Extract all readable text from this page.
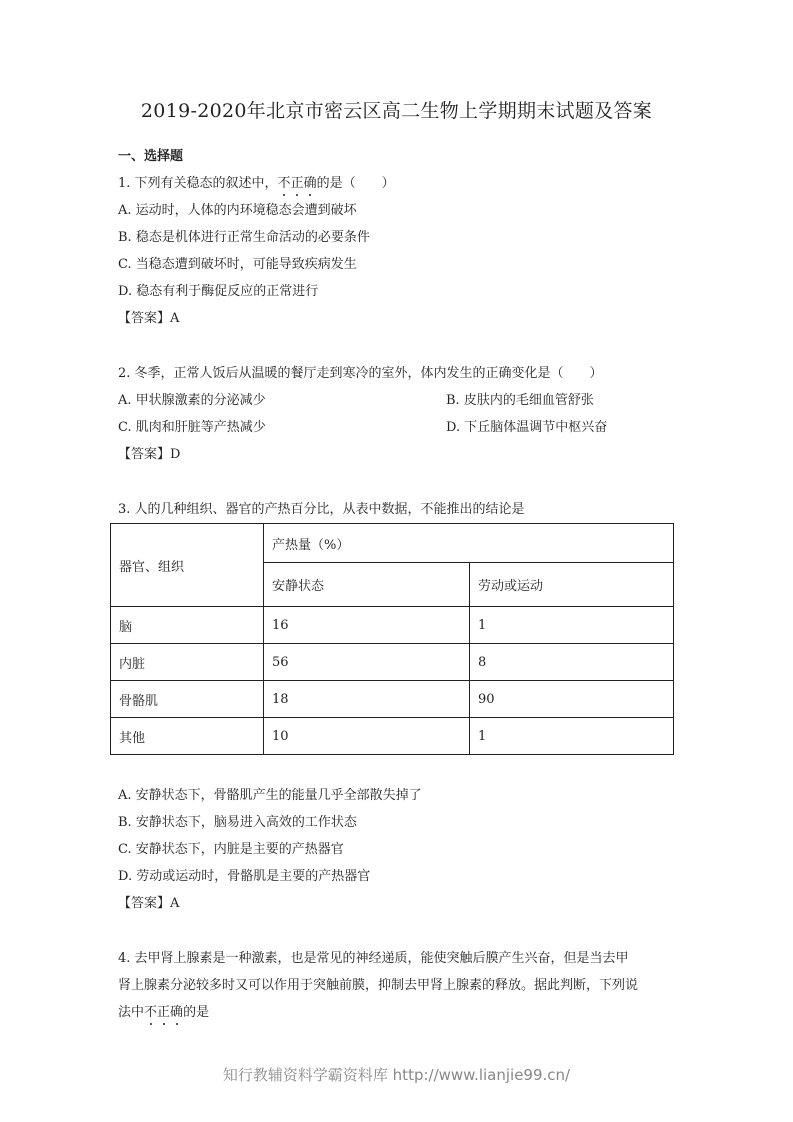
2019-2020年北京市密云区高二生物上学期期末试题及答案
一、选择题
1. 下列有关稳态的叙述中，不正确的是（　　）
A. 运动时，人体的内环境稳态会遭到破坏
B. 稳态是机体进行正常生命活动的必要条件
C. 当稳态遭到破坏时，可能导致疾病发生
D. 稳态有利于酶促反应的正常进行
【答案】A
2. 冬季，正常人饭后从温暖的餐厅走到寒冷的室外，体内发生的正确变化是（　　）
A. 甲状腺激素的分泌减少	B. 皮肤内的毛细血管舒张
C. 肌肉和肝脏等产热减少	D. 下丘脑体温调节中枢兴奋
【答案】D
3. 人的几种组织、器官的产热百分比，从表中数据，不能推出的结论是
器官、组织	产热量（%）	
	安静状态	劳动或运动
脑	16	1
内脏	56	8
骨骼肌	18	90
其他	10	1
A. 安静状态下，骨骼肌产生的能量几乎全部散失掉了
B. 安静状态下，脑易进入高效的工作状态
C. 安静状态下，内脏是主要的产热器官
D. 劳动或运动时，骨骼肌是主要的产热器官
【答案】A
4. 去甲肾上腺素是一种激素，也是常见的神经递质，能使突触后膜产生兴奋，但是当去甲
肾上腺素分泌较多时又可以作用于突触前膜，抑制去甲肾上腺素的释放。据此判断，下列说
法中不正确的是
知行教辅资料学霸资料库 http://www.lianjie99.cn/
